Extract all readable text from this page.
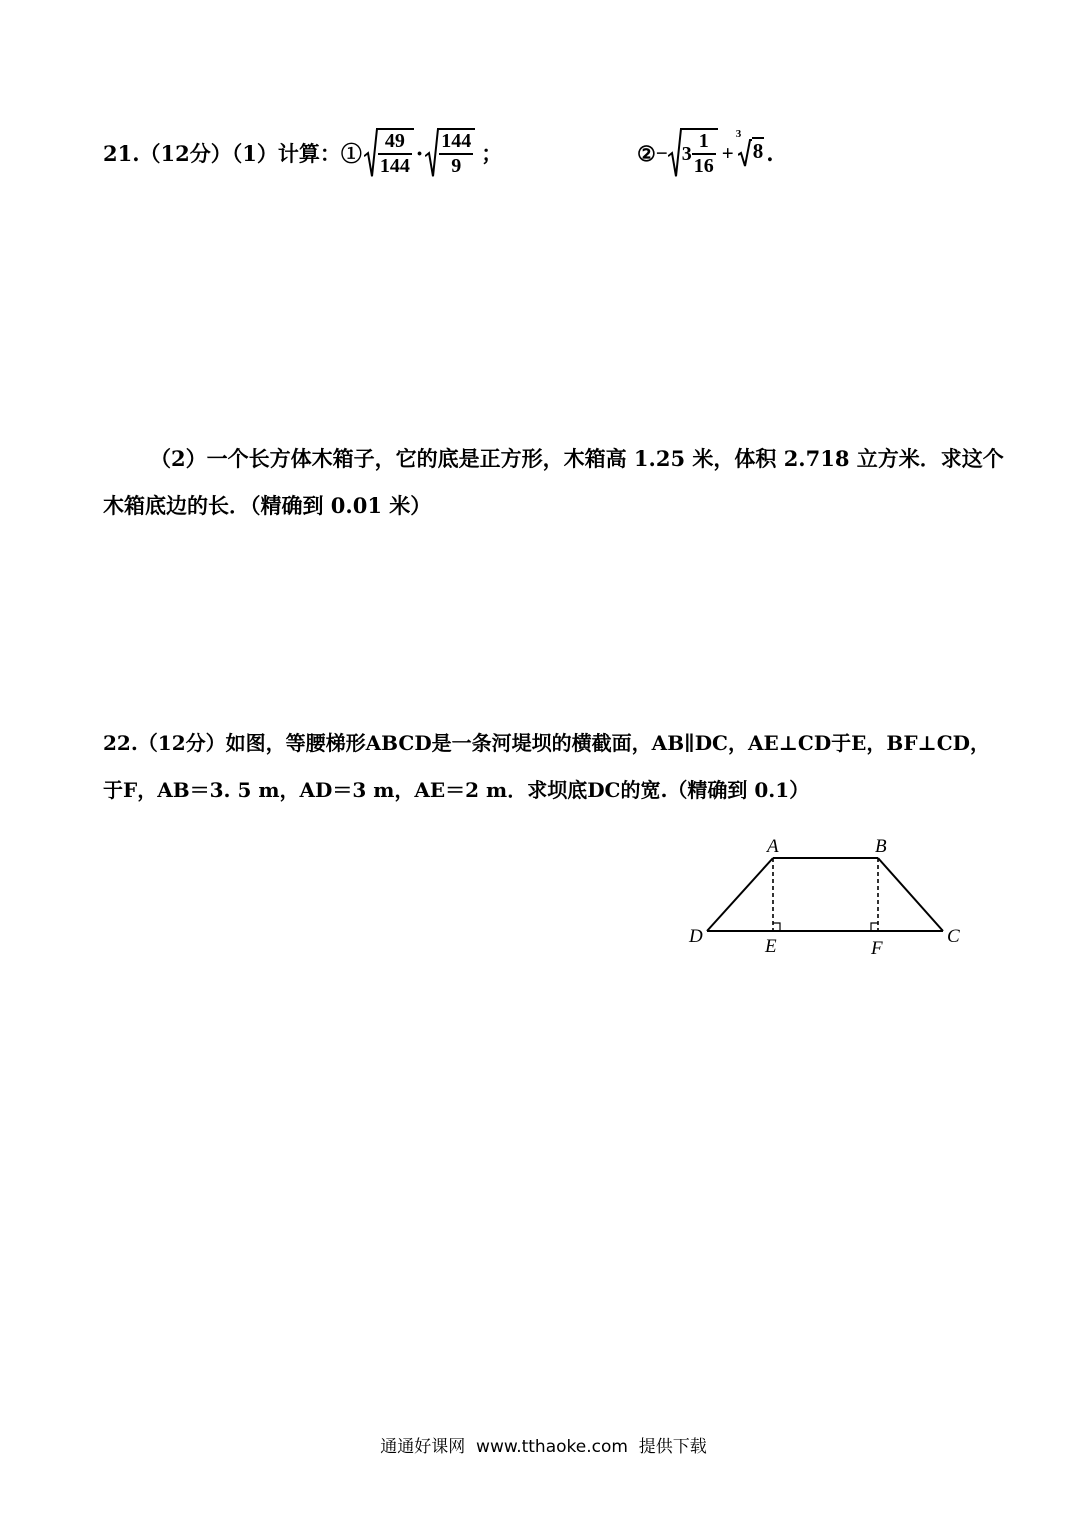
21.（12分）（1）计算：① $\frac{49}{144} \cdot \frac{144}{9}$ ；	② − $3 \frac{1}{16}$ +
3
8 .
（2）一个长方体木箱子，它的底是正方形，木箱高 1.25 米，体积 2.718 立方米．求这个
木箱底边的长．（精确到 0.01 米）
22.（12分）如图，等腰梯形ABCD是一条河堤坝的横截面，AB∥DC，AE⊥CD于E，BF⊥CD，
于F，AB＝3. 5 m，AD＝3 m，AE＝2 m．求坝底DC的宽.（精确到 0.1）
A	B
D	C
E	F
通通好课网  www.tthaoke.com  提供下载
